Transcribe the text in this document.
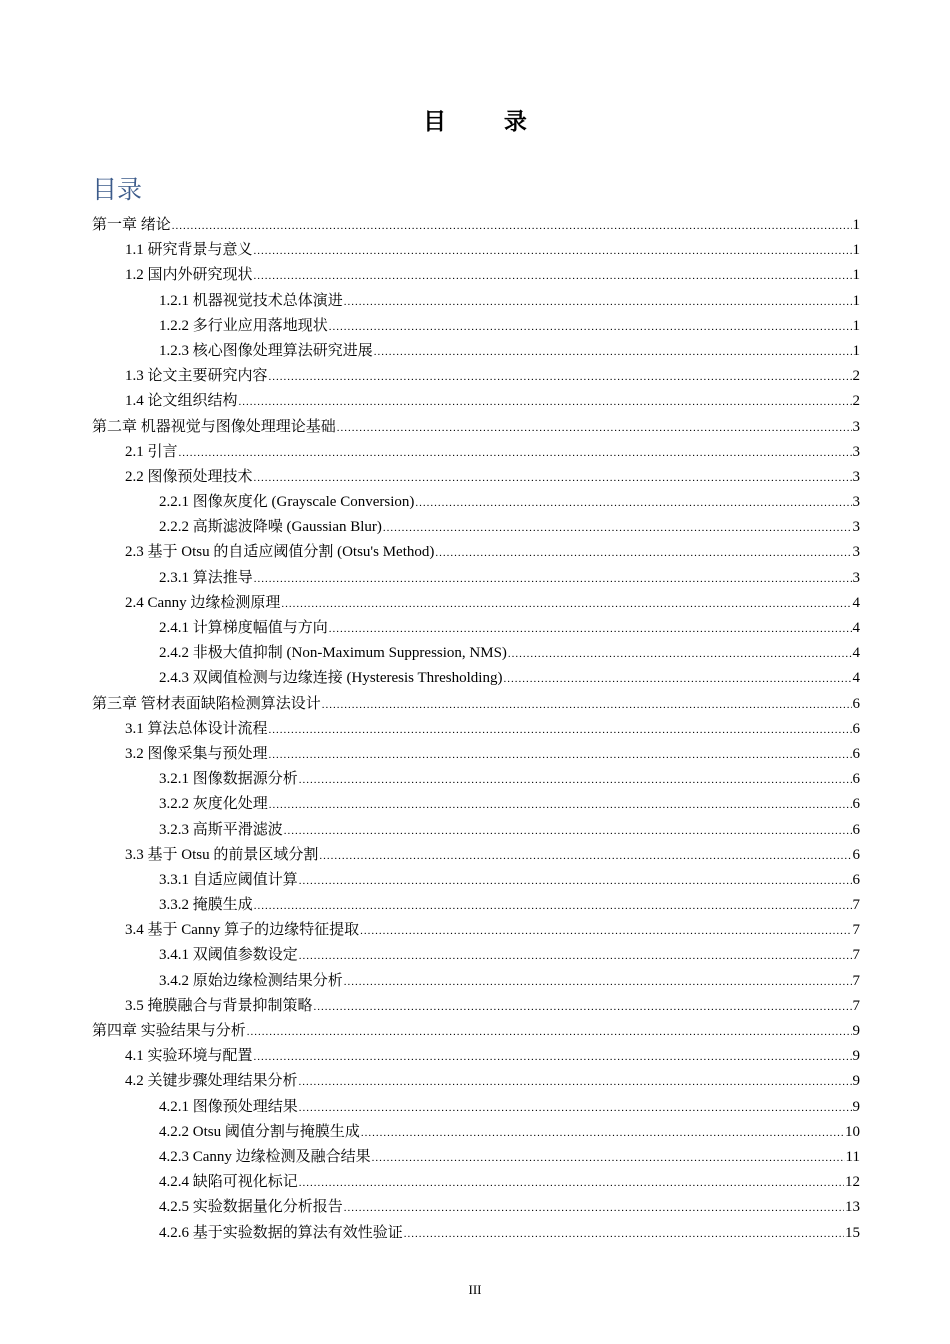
目 录
目录
第一章 绪论 .....	1
1.1 研究背景与意义 .....	1
1.2 国内外研究现状 .....	1
1.2.1 机器视觉技术总体演进 .....	1
1.2.2 多行业应用落地现状 .....	1
1.2.3 核心图像处理算法研究进展 .....	1
1.3 论文主要研究内容 .....	2
1.4 论文组织结构 .....	2
第二章 机器视觉与图像处理理论基础 .....	3
2.1 引言 .....	3
2.2 图像预处理技术 .....	3
2.2.1 图像灰度化 (Grayscale Conversion) .....	3
2.2.2 高斯滤波降噪 (Gaussian Blur) .....	3
2.3 基于 Otsu 的自适应阈值分割 (Otsu's Method) .....	3
2.3.1 算法推导 .....	3
2.4 Canny 边缘检测原理 .....	4
2.4.1 计算梯度幅值与方向 .....	4
2.4.2 非极大值抑制 (Non-Maximum Suppression, NMS) .....	4
2.4.3 双阈值检测与边缘连接 (Hysteresis Thresholding) .....	4
第三章 管材表面缺陷检测算法设计 .....	6
3.1 算法总体设计流程 .....	6
3.2 图像采集与预处理 .....	6
3.2.1 图像数据源分析 .....	6
3.2.2 灰度化处理 .....	6
3.2.3 高斯平滑滤波 .....	6
3.3 基于 Otsu 的前景区域分割 .....	6
3.3.1 自适应阈值计算 .....	6
3.3.2 掩膜生成 .....	7
3.4 基于 Canny 算子的边缘特征提取 .....	7
3.4.1 双阈值参数设定 .....	7
3.4.2 原始边缘检测结果分析 .....	7
3.5 掩膜融合与背景抑制策略 .....	7
第四章 实验结果与分析 .....	9
4.1 实验环境与配置 .....	9
4.2 关键步骤处理结果分析 .....	9
4.2.1 图像预处理结果 .....	9
4.2.2 Otsu 阈值分割与掩膜生成 .....	10
4.2.3 Canny 边缘检测及融合结果 .....	11
4.2.4 缺陷可视化标记 .....	12
4.2.5 实验数据量化分析报告 .....	13
4.2.6 基于实验数据的算法有效性验证 .....	15
III
